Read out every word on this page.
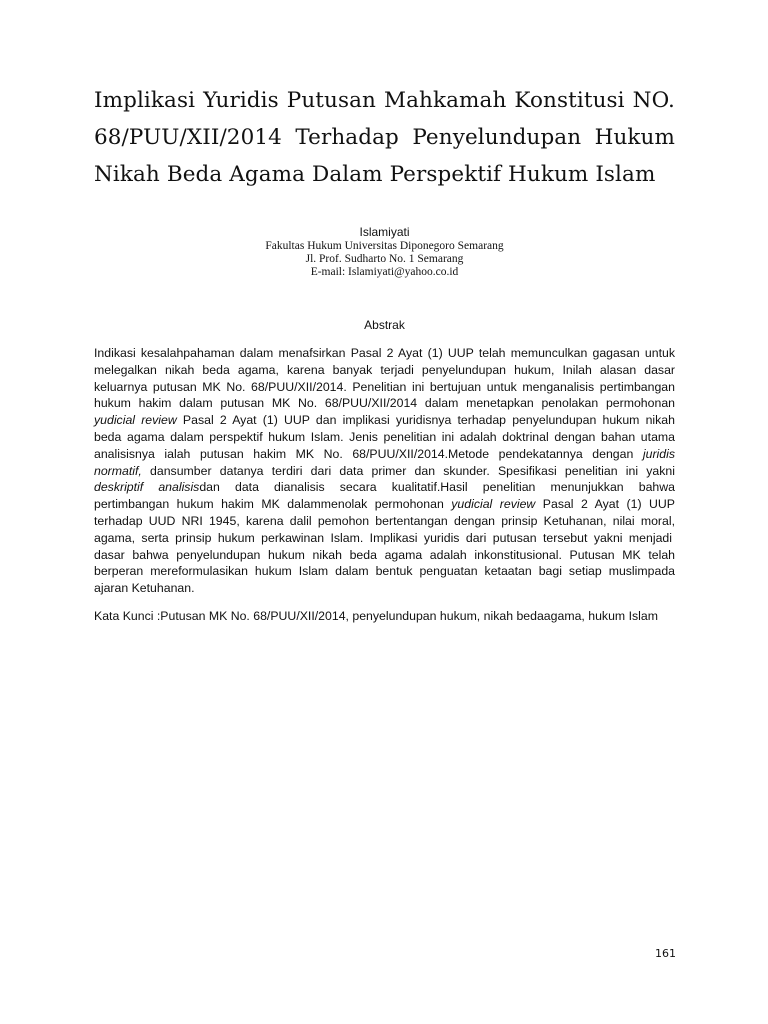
Implikasi Yuridis Putusan Mahkamah Konstitusi NO. 68/PUU/XII/2014 Terhadap Penyelundupan Hukum Nikah Beda Agama Dalam Perspektif Hukum Islam
Islamiyati
Fakultas Hukum Universitas Diponegoro Semarang
Jl. Prof. Sudharto No. 1 Semarang
E-mail: Islamiyati@yahoo.co.id
Abstrak
Indikasi kesalahpahaman dalam menafsirkan Pasal 2 Ayat (1) UUP telah memunculkan gagasan untuk
melegalkan nikah beda agama, karena banyak terjadi penyelundupan hukum, Inilah alasan dasar
keluarnya putusan MK No. 68/PUU/XII/2014. Penelitian ini bertujuan untuk menganalisis pertimbangan
hukum hakim dalam putusan MK No. 68/PUU/XII/2014 dalam menetapkan penolakan permohonan
yudicial review Pasal 2 Ayat (1) UUP dan implikasi yuridisnya terhadap penyelundupan hukum nikah
beda agama dalam perspektif hukum Islam. Jenis penelitian ini adalah doktrinal dengan bahan utama
analisisnya ialah putusan hakim MK No. 68/PUU/XII/2014.Metode pendekatannya dengan juridis
normatif, dansumber datanya terdiri dari data primer dan skunder. Spesifikasi penelitian ini yakni
deskriptif analisisdan data dianalisis secara kualitatif.Hasil penelitian menunjukkan bahwa
pertimbangan hukum hakim MK dalammenolak permohonan yudicial review Pasal 2 Ayat (1) UUP
terhadap UUD NRI 1945, karena dalil pemohon bertentangan dengan prinsip Ketuhanan, nilai moral,
agama, serta prinsip hukum perkawinan Islam. Implikasi yuridis dari putusan tersebut yakni menjadi
dasar bahwa penyelundupan hukum nikah beda agama adalah inkonstitusional. Putusan MK telah
berperan mereformulasikan hukum Islam dalam bentuk penguatan ketaatan bagi setiap muslimpada
ajaran Ketuhanan.

Kata Kunci :Putusan MK No. 68/PUU/XII/2014, penyelundupan hukum, nikah bedaagama, hukum Islam

161
